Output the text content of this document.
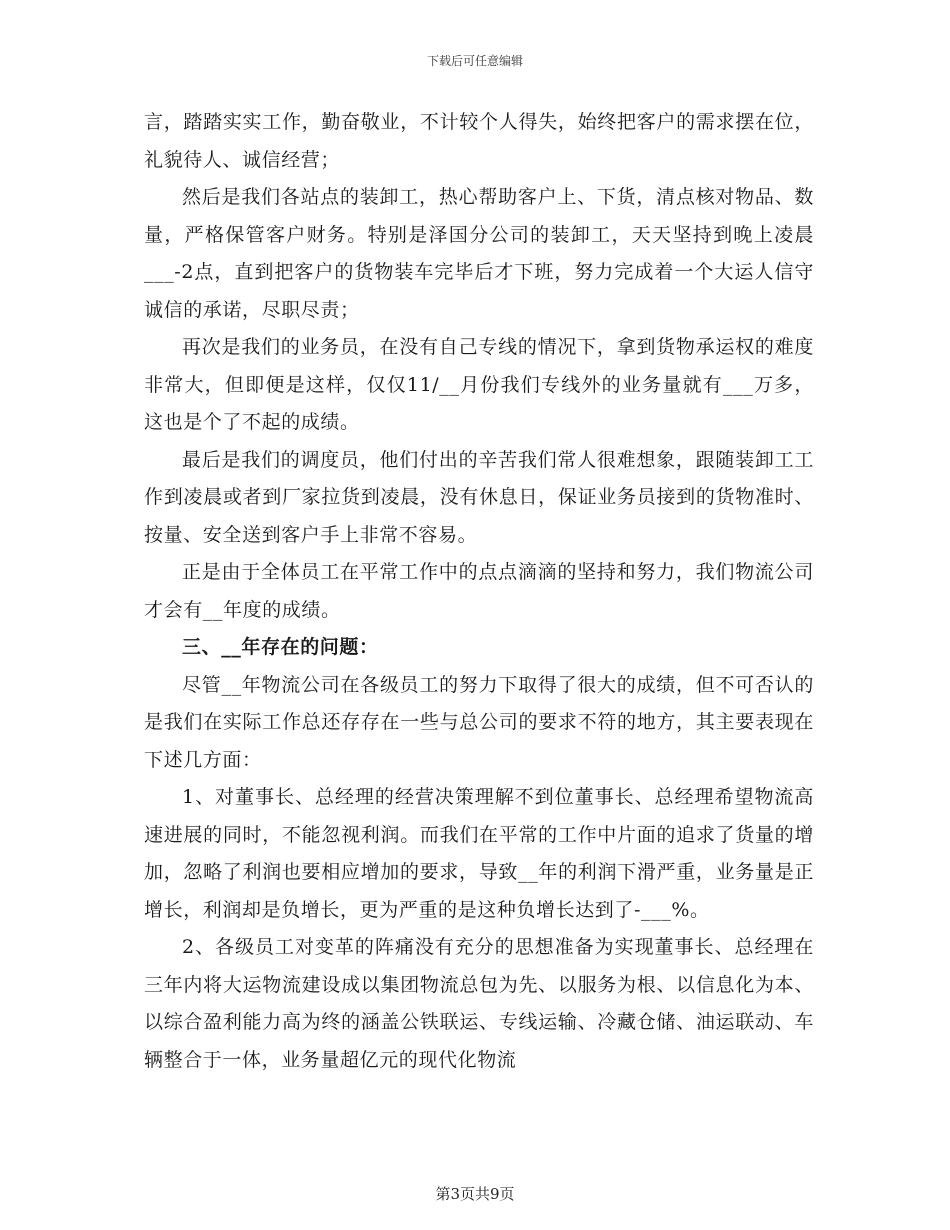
下载后可任意编辑

言，踏踏实实工作，勤奋敬业，不计较个人得失，始终把客户的需求摆在位，礼貌待人、诚信经营；

然后是我们各站点的装卸工，热心帮助客户上、下货，清点核对物品、数量，严格保管客户财务。特别是泽国分公司的装卸工，天天坚持到晚上凌晨___-2点，直到把客户的货物装车完毕后才下班，努力完成着一个大运人信守诚信的承诺，尽职尽责；

再次是我们的业务员，在没有自己专线的情况下，拿到货物承运权的难度非常大，但即便是这样，仅仅11/__月份我们专线外的业务量就有___万多，这也是个了不起的成绩。

最后是我们的调度员，他们付出的辛苦我们常人很难想象，跟随装卸工工作到凌晨或者到厂家拉货到凌晨，没有休息日，保证业务员接到的货物准时、按量、安全送到客户手上非常不容易。

正是由于全体员工在平常工作中的点点滴滴的坚持和努力，我们物流公司才会有__年度的成绩。

三、__年存在的问题：

尽管__年物流公司在各级员工的努力下取得了很大的成绩，但不可否认的是我们在实际工作总还存存在一些与总公司的要求不符的地方，其主要表现在下述几方面：

1、对董事长、总经理的经营决策理解不到位董事长、总经理希望物流高速进展的同时，不能忽视利润。而我们在平常的工作中片面的追求了货量的增加，忽略了利润也要相应增加的要求，导致__年的利润下滑严重，业务量是正增长，利润却是负增长，更为严重的是这种负增长达到了-___%。

2、各级员工对变革的阵痛没有充分的思想准备为实现董事长、总经理在三年内将大运物流建设成以集团物流总包为先、以服务为根、以信息化为本、以综合盈利能力高为终的涵盖公铁联运、专线运输、冷藏仓储、油运联动、车辆整合于一体，业务量超亿元的现代化物流

第3页共9页
